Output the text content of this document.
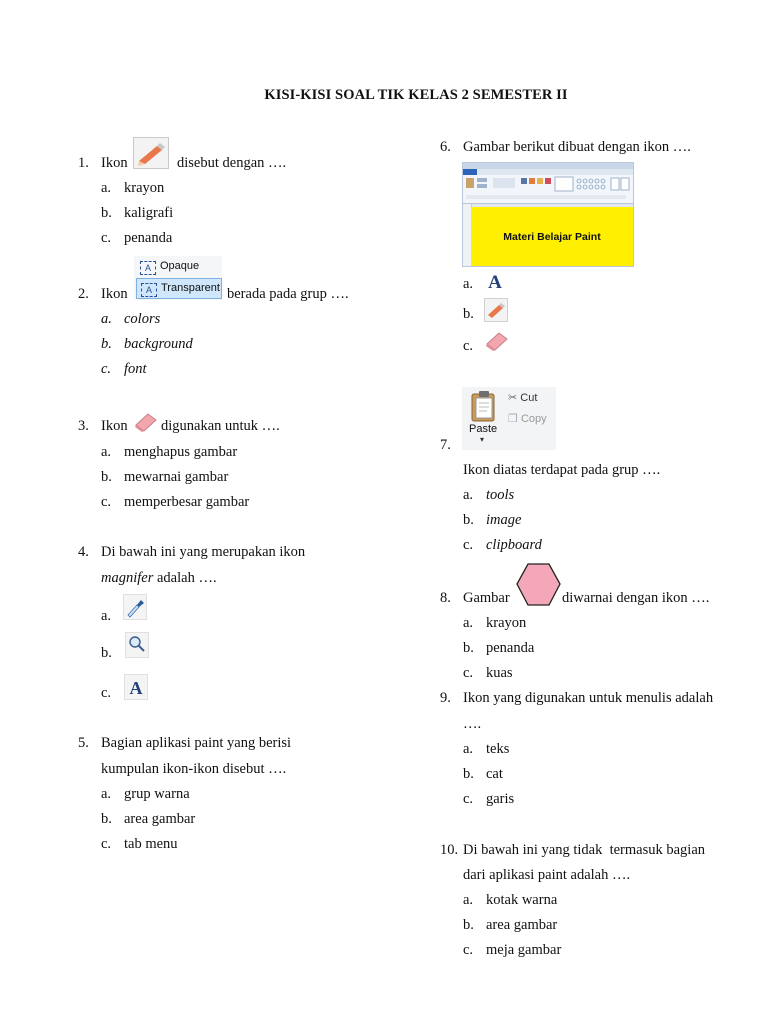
KISI-KISI SOAL TIK KELAS 2 SEMESTER II
1. Ikon	disebut dengan ….
a. krayon
b. kaligrafi
c. penanda
A Opaque
A Transparent
2. Ikon	berada pada grup ….
a. colors
b. background
c. font
3. Ikon digunakan untuk ….
a. menghapus gambar
b. mewarnai gambar
c. memperbesar gambar
4. Di bawah ini yang merupakan ikon
magnifer adalah ….
a.
b.
c. A
5. Bagian aplikasi paint yang berisi
kumpulan ikon-ikon disebut ….
a. grup warna
b. area gambar
c. tab menu
6. Gambar berikut dibuat dengan ikon ….
Materi Belajar Paint
a. A
b.
c.
Paste
▾
✂ Cut
❐ Copy
7.
Ikon diatas terdapat pada grup ….
a. tools
b. image
c. clipboard
8. Gambar	diwarnai dengan ikon ….
a. krayon
b. penanda
c. kuas
9. Ikon yang digunakan untuk menulis adalah
….
a. teks
b. cat
c. garis
10. Di bawah ini yang tidak  termasuk bagian
dari aplikasi paint adalah ….
a. kotak warna
b. area gambar
c. meja gambar
